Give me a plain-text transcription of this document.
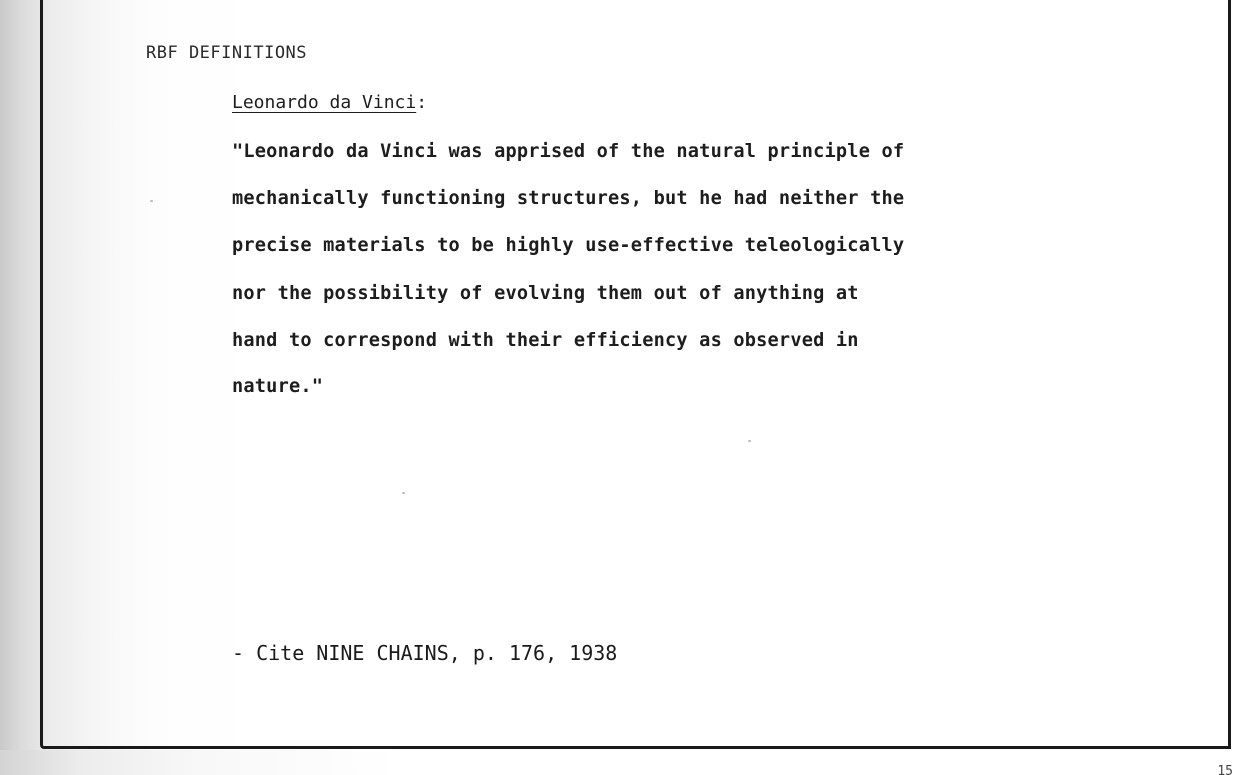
RBF DEFINITIONS
Leonardo da Vinci:
"Leonardo da Vinci was apprised of the natural principle of
mechanically functioning structures, but he had neither the
precise materials to be highly use-effective teleologically
nor the possibility of evolving them out of anything at
hand to correspond with their efficiency as observed in
nature."
- Cite NINE CHAINS, p. 176, 1938
15
